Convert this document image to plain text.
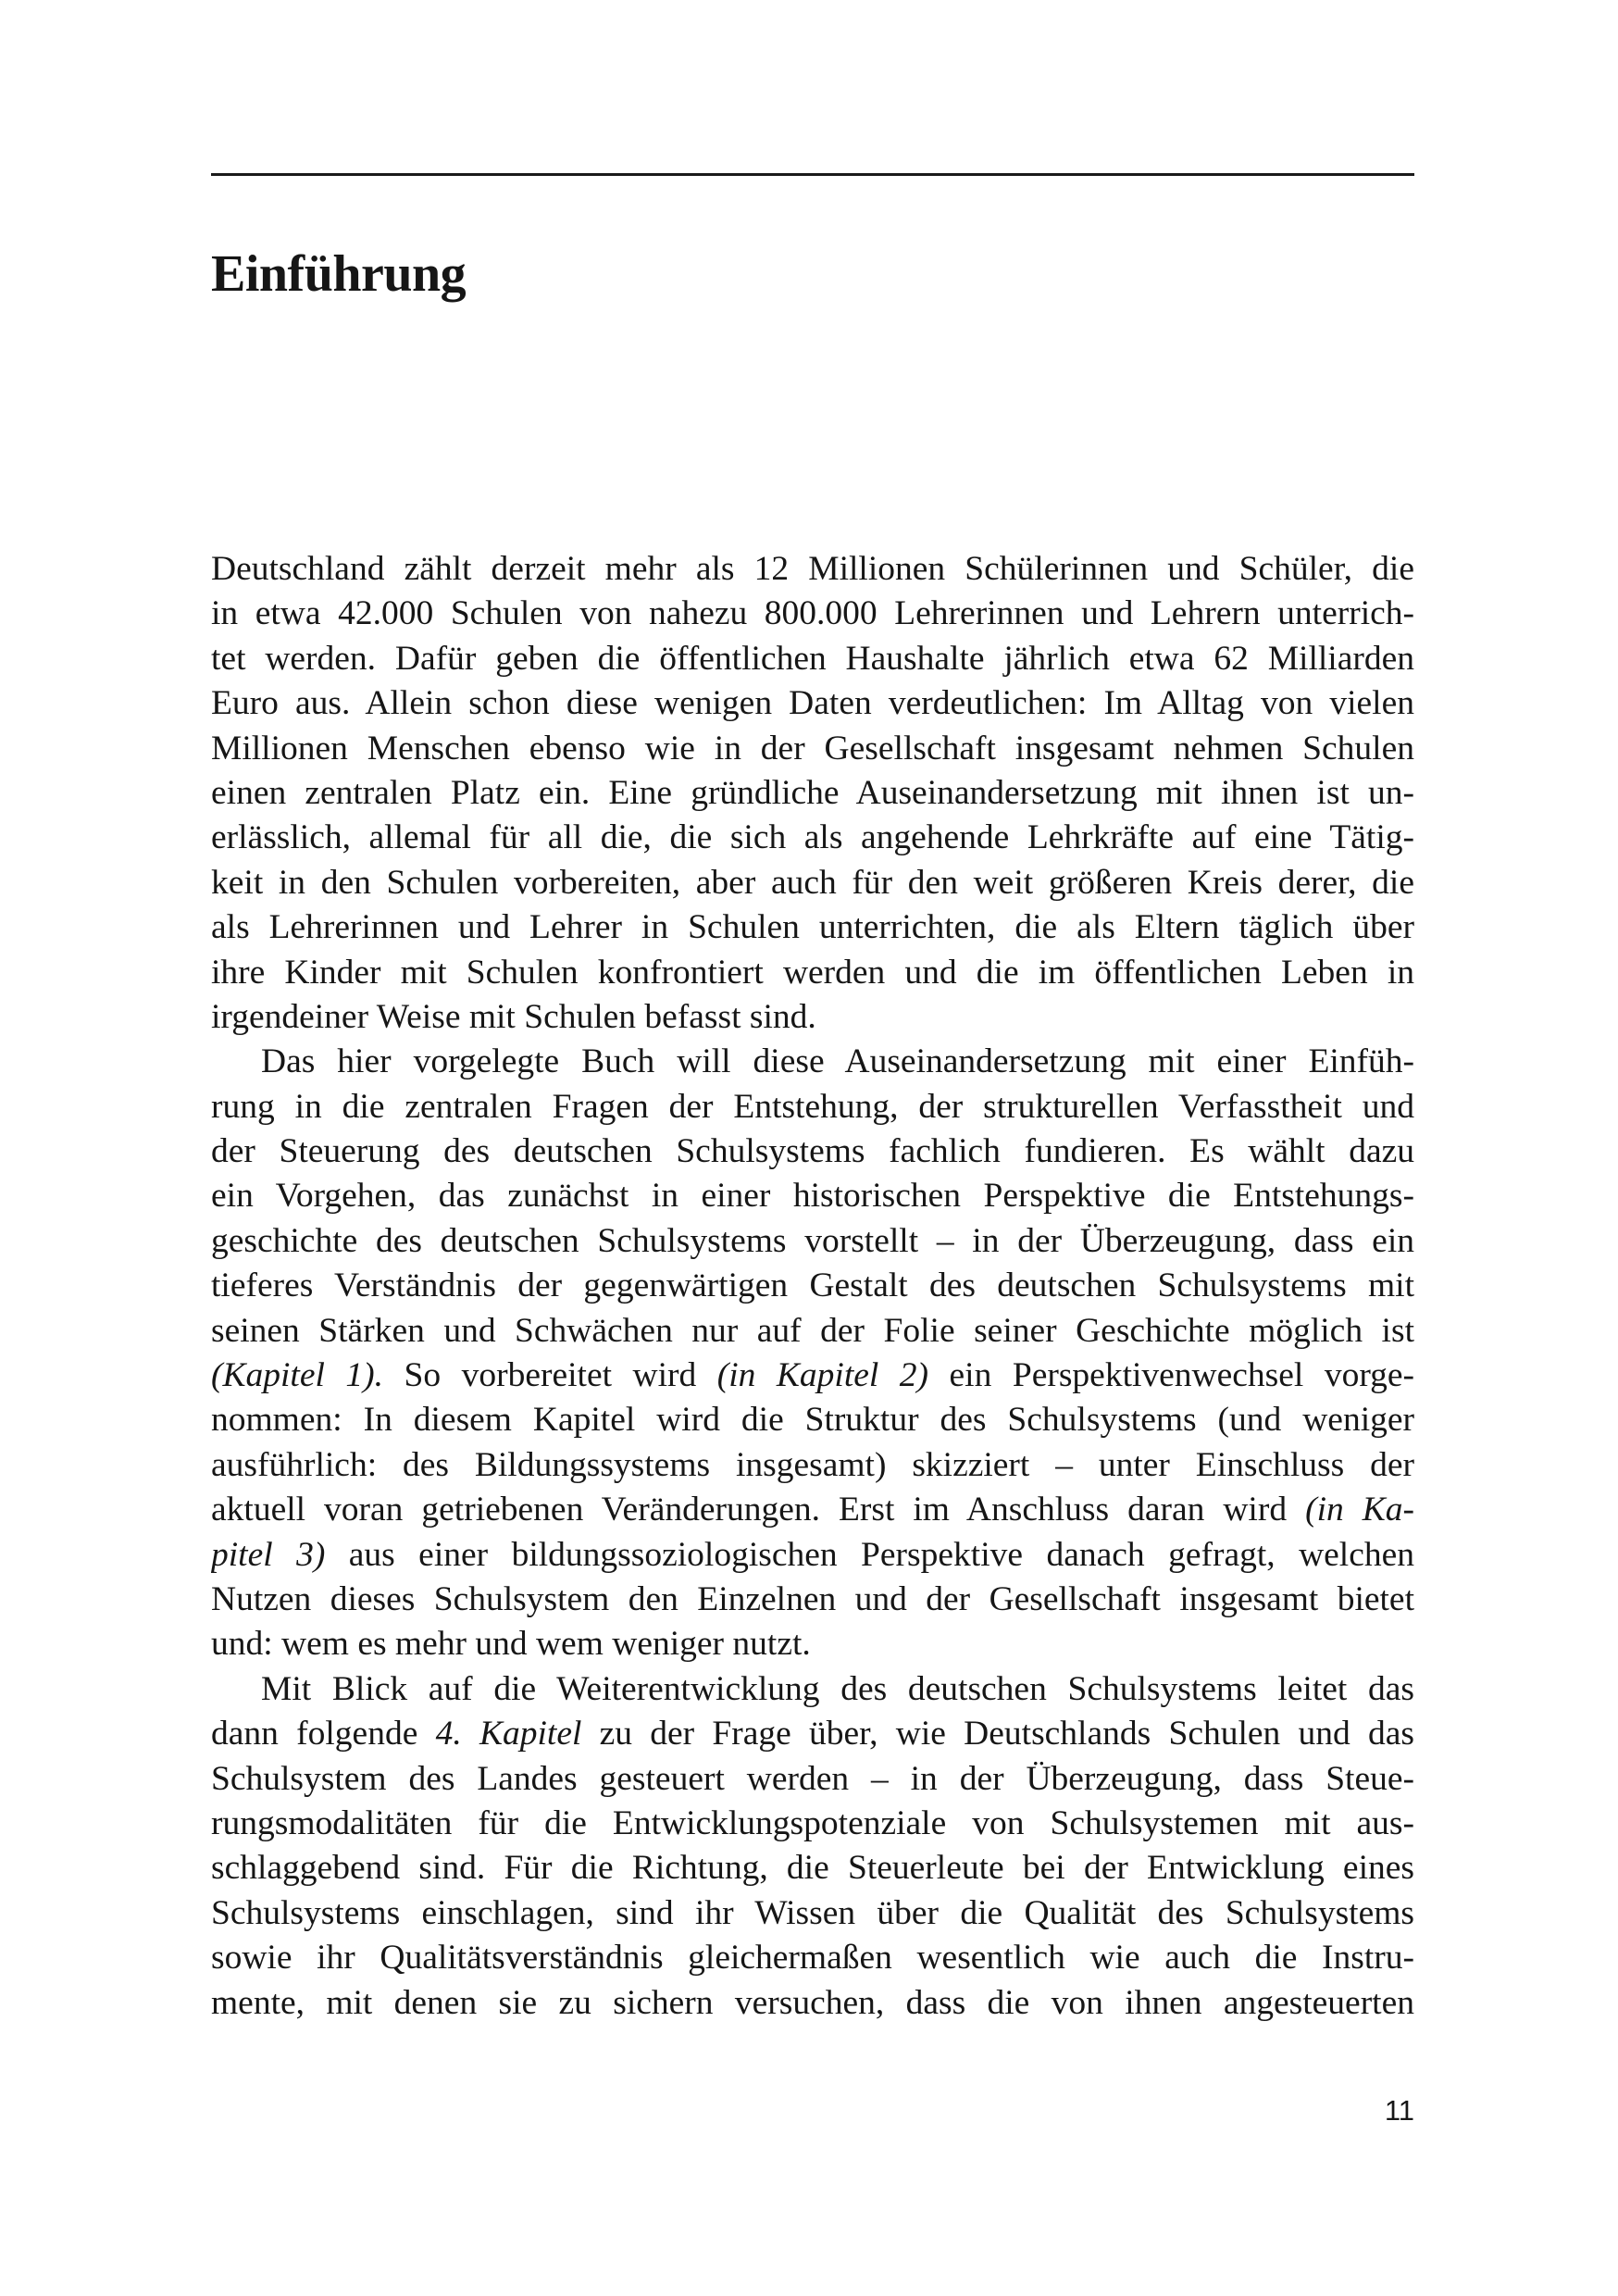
Einführung
Deutschland zählt derzeit mehr als 12 Millionen Schülerinnen und Schüler, die
in etwa 42.000 Schulen von nahezu 800.000 Lehrerinnen und Lehrern unterrich-
tet werden. Dafür geben die öffentlichen Haushalte jährlich etwa 62 Milliarden
Euro aus. Allein schon diese wenigen Daten verdeutlichen: Im Alltag von vielen
Millionen Menschen ebenso wie in der Gesellschaft insgesamt nehmen Schulen
einen zentralen Platz ein. Eine gründliche Auseinandersetzung mit ihnen ist un-
erlässlich, allemal für all die, die sich als angehende Lehrkräfte auf eine Tätig-
keit in den Schulen vorbereiten, aber auch für den weit größeren Kreis derer, die
als Lehrerinnen und Lehrer in Schulen unterrichten, die als Eltern täglich über
ihre Kinder mit Schulen konfrontiert werden und die im öffentlichen Leben in
irgendeiner Weise mit Schulen befasst sind.
Das hier vorgelegte Buch will diese Auseinandersetzung mit einer Einfüh-
rung in die zentralen Fragen der Entstehung, der strukturellen Verfasstheit und
der Steuerung des deutschen Schulsystems fachlich fundieren. Es wählt dazu
ein Vorgehen, das zunächst in einer historischen Perspektive die Entstehungs-
geschichte des deutschen Schulsystems vorstellt – in der Überzeugung, dass ein
tieferes Verständnis der gegenwärtigen Gestalt des deutschen Schulsystems mit
seinen Stärken und Schwächen nur auf der Folie seiner Geschichte möglich ist
(Kapitel 1). So vorbereitet wird (in Kapitel 2) ein Perspektivenwechsel vorge-
nommen: In diesem Kapitel wird die Struktur des Schulsystems (und weniger
ausführlich: des Bildungssystems insgesamt) skizziert – unter Einschluss der
aktuell voran getriebenen Veränderungen. Erst im Anschluss daran wird (in Ka-
pitel 3) aus einer bildungssoziologischen Perspektive danach gefragt, welchen
Nutzen dieses Schulsystem den Einzelnen und der Gesellschaft insgesamt bietet
und: wem es mehr und wem weniger nutzt.
Mit Blick auf die Weiterentwicklung des deutschen Schulsystems leitet das
dann folgende 4. Kapitel zu der Frage über, wie Deutschlands Schulen und das
Schulsystem des Landes gesteuert werden – in der Überzeugung, dass Steue-
rungsmodalitäten für die Entwicklungspotenziale von Schulsystemen mit aus-
schlaggebend sind. Für die Richtung, die Steuerleute bei der Entwicklung eines
Schulsystems einschlagen, sind ihr Wissen über die Qualität des Schulsystems
sowie ihr Qualitätsverständnis gleichermaßen wesentlich wie auch die Instru-
mente, mit denen sie zu sichern versuchen, dass die von ihnen angesteuerten
11
